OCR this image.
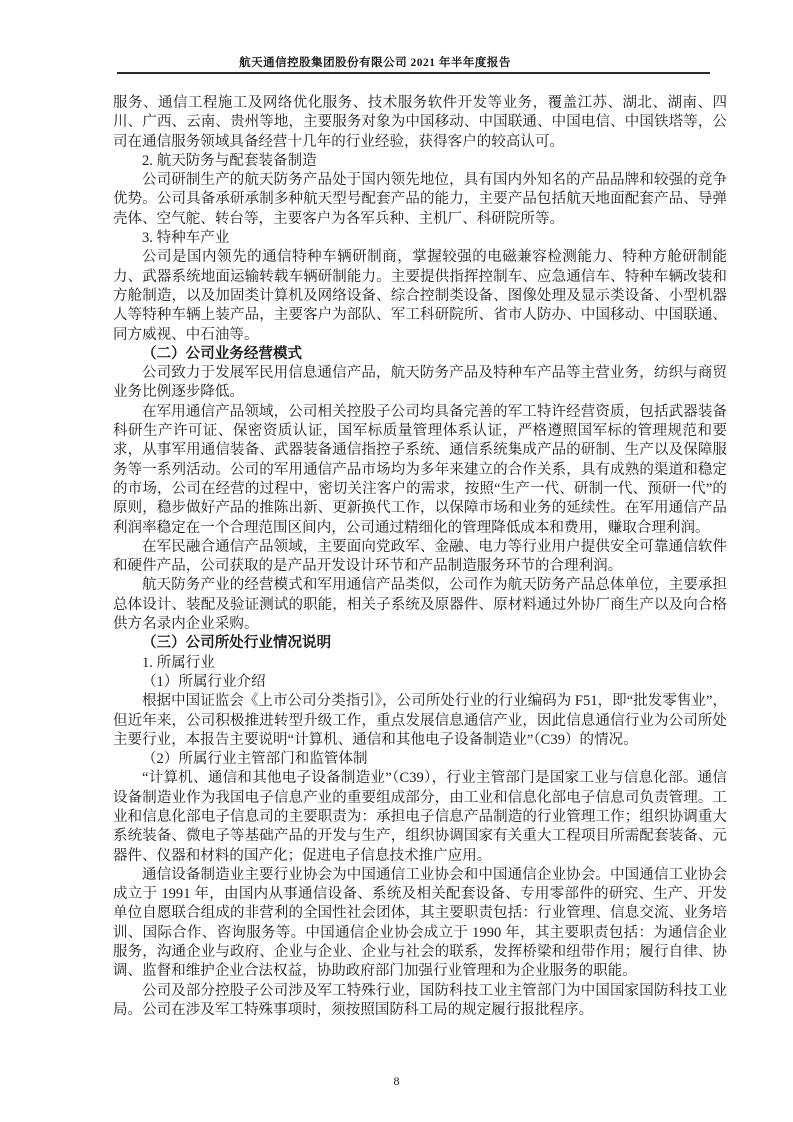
航天通信控股集团股份有限公司 2021 年半年度报告

服务、通信工程施工及网络优化服务、技术服务软件开发等业务，覆盖江苏、湖北、湖南、四川、广西、云南、贵州等地，主要服务对象为中国移动、中国联通、中国电信、中国铁塔等，公司在通信服务领域具备经营十几年的行业经验，获得客户的较高认可。

2. 航天防务与配套装备制造

公司研制生产的航天防务产品处于国内领先地位，具有国内外知名的产品品牌和较强的竞争优势。公司具备承研承制多种航天型号配套产品的能力，主要产品包括航天地面配套产品、导弹壳体、空气舵、转台等，主要客户为各军兵种、主机厂、科研院所等。

3. 特种车产业

公司是国内领先的通信特种车辆研制商，掌握较强的电磁兼容检测能力、特种方舱研制能力、武器系统地面运输转载车辆研制能力。主要提供指挥控制车、应急通信车、特种车辆改装和方舱制造，以及加固类计算机及网络设备、综合控制类设备、图像处理及显示类设备、小型机器人等特种车辆上装产品，主要客户为部队、军工科研院所、省市人防办、中国移动、中国联通、同方威视、中石油等。

（二）公司业务经营模式

公司致力于发展军民用信息通信产品，航天防务产品及特种车产品等主营业务，纺织与商贸业务比例逐步降低。

在军用通信产品领域，公司相关控股子公司均具备完善的军工特许经营资质，包括武器装备科研生产许可证、保密资质认证，国军标质量管理体系认证，严格遵照国军标的管理规范和要求，从事军用通信装备、武器装备通信指控子系统、通信系统集成产品的研制、生产以及保障服务等一系列活动。公司的军用通信产品市场均为多年来建立的合作关系，具有成熟的渠道和稳定的市场，公司在经营的过程中，密切关注客户的需求，按照“生产一代、研制一代、预研一代”的原则，稳步做好产品的推陈出新、更新换代工作，以保障市场和业务的延续性。在军用通信产品利润率稳定在一个合理范围区间内，公司通过精细化的管理降低成本和费用，赚取合理利润。

在军民融合通信产品领域，主要面向党政军、金融、电力等行业用户提供安全可靠通信软件和硬件产品，公司获取的是产品开发设计环节和产品制造服务环节的合理利润。

航天防务产业的经营模式和军用通信产品类似，公司作为航天防务产品总体单位，主要承担总体设计、装配及验证测试的职能，相关子系统及原器件、原材料通过外协厂商生产以及向合格供方名录内企业采购。

（三）公司所处行业情况说明

1. 所属行业

（1）所属行业介绍

根据中国证监会《上市公司分类指引》，公司所处行业的行业编码为 F51，即“批发零售业”，但近年来，公司积极推进转型升级工作，重点发展信息通信产业，因此信息通信行业为公司所处主要行业，本报告主要说明“计算机、通信和其他电子设备制造业”（C39）的情况。

（2）所属行业主管部门和监管体制

“计算机、通信和其他电子设备制造业”（C39），行业主管部门是国家工业与信息化部。通信设备制造业作为我国电子信息产业的重要组成部分，由工业和信息化部电子信息司负责管理。工业和信息化部电子信息司的主要职责为：承担电子信息产品制造的行业管理工作；组织协调重大系统装备、微电子等基础产品的开发与生产，组织协调国家有关重大工程项目所需配套装备、元器件、仪器和材料的国产化；促进电子信息技术推广应用。

通信设备制造业主要行业协会为中国通信工业协会和中国通信企业协会。中国通信工业协会成立于 1991 年，由国内从事通信设备、系统及相关配套设备、专用零部件的研究、生产、开发单位自愿联合组成的非营利的全国性社会团体，其主要职责包括：行业管理、信息交流、业务培训、国际合作、咨询服务等。中国通信企业协会成立于 1990 年，其主要职责包括：为通信企业服务，沟通企业与政府、企业与企业、企业与社会的联系，发挥桥梁和纽带作用；履行自律、协调、监督和维护企业合法权益，协助政府部门加强行业管理和为企业服务的职能。

公司及部分控股子公司涉及军工特殊行业，国防科技工业主管部门为中国国家国防科技工业局。公司在涉及军工特殊事项时，须按照国防科工局的规定履行报批程序。

8
